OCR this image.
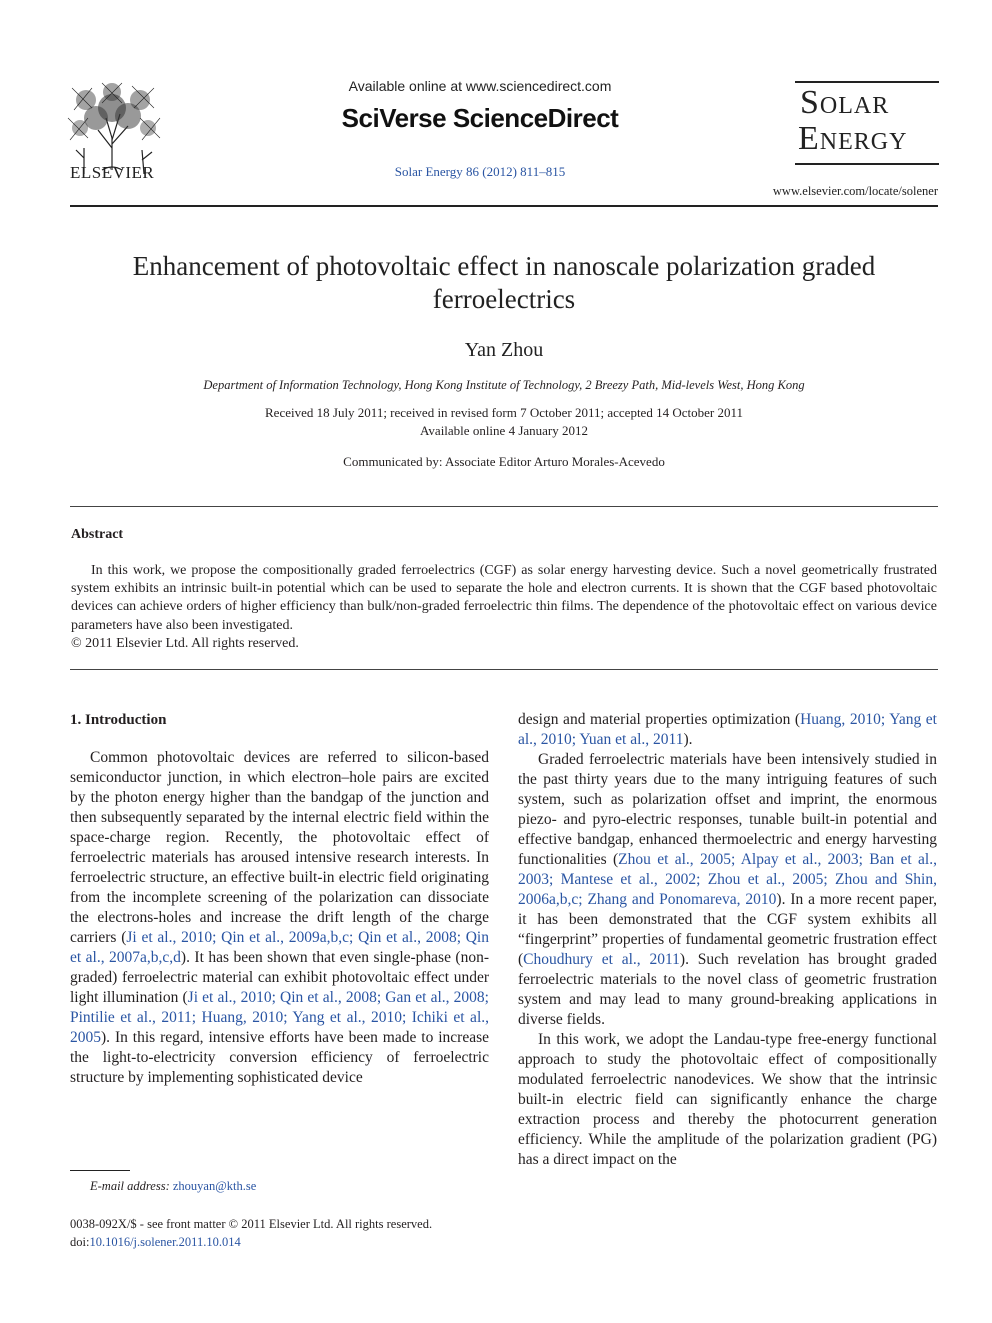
ELSEVIER
Available online at www.sciencedirect.com
SciVerse ScienceDirect
Solar Energy 86 (2012) 811–815
Solar
Energy
www.elsevier.com/locate/solener
Enhancement of photovoltaic effect in nanoscale polarization graded ferroelectrics
Yan Zhou
Department of Information Technology, Hong Kong Institute of Technology, 2 Breezy Path, Mid-levels West, Hong Kong
Received 18 July 2011; received in revised form 7 October 2011; accepted 14 October 2011
Available online 4 January 2012
Communicated by: Associate Editor Arturo Morales-Acevedo
Abstract

In this work, we propose the compositionally graded ferroelectrics (CGF) as solar energy harvesting device. Such a novel geometrically frustrated system exhibits an intrinsic built-in potential which can be used to separate the hole and electron currents. It is shown that the CGF based photovoltaic devices can achieve orders of higher efficiency than bulk/non-graded ferroelectric thin films. The dependence of the photovoltaic effect on various device parameters have also been investigated.

© 2011 Elsevier Ltd. All rights reserved.

1. Introduction

Common photovoltaic devices are referred to silicon-based semiconductor junction, in which electron–hole pairs are excited by the photon energy higher than the bandgap of the junction and then subsequently separated by the internal electric field within the space-charge region. Recently, the photovoltaic effect of ferroelectric materials has aroused intensive research interests. In ferroelectric structure, an effective built-in electric field originating from the incomplete screening of the polarization can dissociate the electrons-holes and increase the drift length of the charge carriers (Ji et al., 2010; Qin et al., 2009a,b,c; Qin et al., 2008; Qin et al., 2007a,b,c,d). It has been shown that even single-phase (non-graded) ferroelectric material can exhibit photovoltaic effect under light illumination (Ji et al., 2010; Qin et al., 2008; Gan et al., 2008; Pintilie et al., 2011; Huang, 2010; Yang et al., 2010; Ichiki et al., 2005). In this regard, intensive efforts have been made to increase the light-to-electricity conversion efficiency of ferroelectric structure by implementing sophisticated device

design and material properties optimization (Huang, 2010; Yang et al., 2010; Yuan et al., 2011).

Graded ferroelectric materials have been intensively studied in the past thirty years due to the many intriguing features of such system, such as polarization offset and imprint, the enormous piezo- and pyro-electric responses, tunable built-in potential and effective bandgap, enhanced thermoelectric and energy harvesting functionalities (Zhou et al., 2005; Alpay et al., 2003; Ban et al., 2003; Mantese et al., 2002; Zhou et al., 2005; Zhou and Shin, 2006a,b,c; Zhang and Ponomareva, 2010). In a more recent paper, it has been demonstrated that the CGF system exhibits all “fingerprint” properties of fundamental geometric frustration effect (Choudhury et al., 2011). Such revelation has brought graded ferroelectric materials to the novel class of geometric frustration system and may lead to many ground-breaking applications in diverse fields.

In this work, we adopt the Landau-type free-energy functional approach to study the photovoltaic effect of compositionally modulated ferroelectric nanodevices. We show that the intrinsic built-in electric field can significantly enhance the charge extraction process and thereby the photocurrent generation efficiency. While the amplitude of the polarization gradient (PG) has a direct impact on the

E-mail address: zhouyan@kth.se
0038-092X/$ - see front matter © 2011 Elsevier Ltd. All rights reserved.
doi:10.1016/j.solener.2011.10.014
